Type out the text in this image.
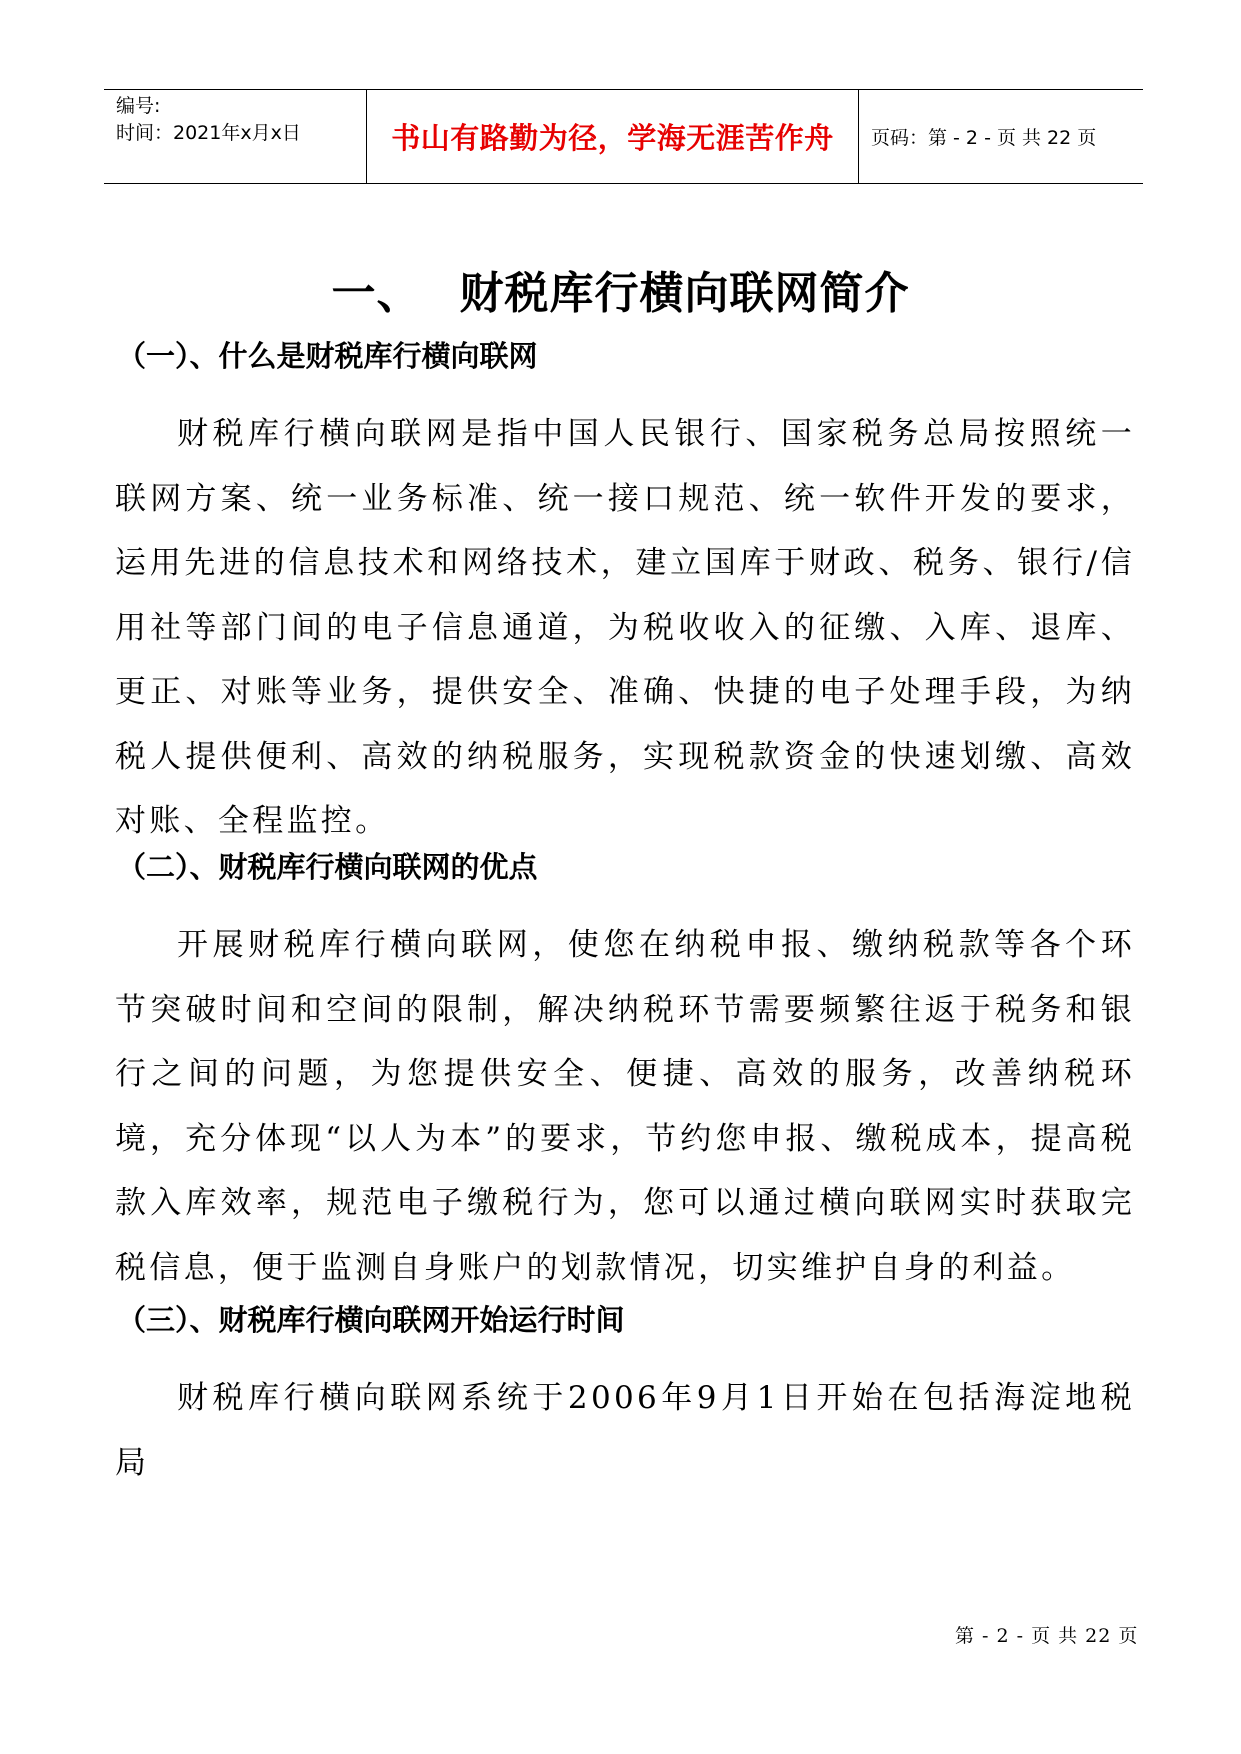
编号:
时间：2021年x月x日	书山有路勤为径，学海无涯苦作舟	页码：第 - 2 - 页 共 22 页
一、 财税库行横向联网简介
（一）、什么是财税库行横向联网

财税库行横向联网是指中国人民银行、国家税务总局按照统一联网方案、统一业务标准、统一接口规范、统一软件开发的要求，运用先进的信息技术和网络技术，建立国库于财政、税务、银行/信用社等部门间的电子信息通道，为税收收入的征缴、入库、退库、更正、对账等业务，提供安全、准确、快捷的电子处理手段，为纳税人提供便利、高效的纳税服务，实现税款资金的快速划缴、高效对账、全程监控。

（二）、财税库行横向联网的优点

开展财税库行横向联网，使您在纳税申报、缴纳税款等各个环节突破时间和空间的限制，解决纳税环节需要频繁往返于税务和银行之间的问题，为您提供安全、便捷、高效的服务，改善纳税环境，充分体现“以人为本”的要求，节约您申报、缴税成本，提高税款入库效率，规范电子缴税行为，您可以通过横向联网实时获取完税信息，便于监测自身账户的划款情况，切实维护自身的利益。

（三）、财税库行横向联网开始运行时间

财税库行横向联网系统于2006年9月1日开始在包括海淀地税局

第 - 2 - 页 共 22 页
